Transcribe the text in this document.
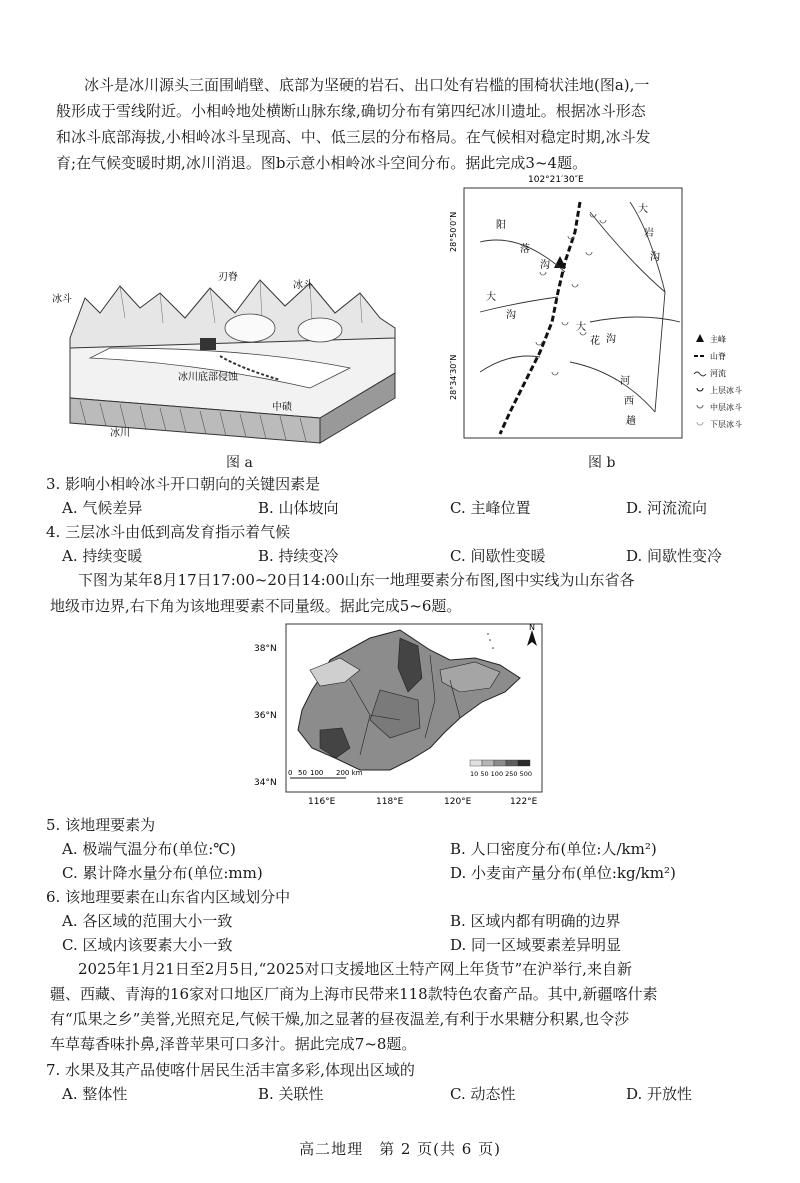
冰斗是冰川源头三面围峭壁、底部为坚硬的岩石、出口处有岩槛的围椅状洼地(图a),一
般形成于雪线附近。小相岭地处横断山脉东缘,确切分布有第四纪冰川遗址。根据冰斗形态
和冰斗底部海拔,小相岭冰斗呈现高、中、低三层的分布格局。在气候相对稳定时期,冰斗发
育;在气候变暖时期,冰川消退。图b示意小相岭冰斗空间分布。据此完成3~4题。
冰斗
刃脊
冰斗
冰川底部侵蚀
中碛
冰川
图 a
102°21′30″E
28°50′0″N
28°34′30″N
阳
落
沟
大
沟
大
岩
沟
大
花 沟
河
西
趟
主峰
山脊
河流
上层冰斗
中层冰斗
下层冰斗
图 b
3. 影响小相岭冰斗开口朝向的关键因素是
A. 气候差异	B. 山体坡向	C. 主峰位置	D. 河流流向
4. 三层冰斗由低到高发育指示着气候
A. 持续变暖	B. 持续变冷	C. 间歇性变暖	D. 间歇性变冷
下图为某年8月17日17:00~20日14:00山东一地理要素分布图,图中实线为山东省各
地级市边界,右下角为该地理要素不同量级。据此完成5~6题。
N
38°N
36°N
34°N
116°E	118°E	120°E	122°E
0 50 100 200 km	10 50 100 250 500
5. 该地理要素为
A. 极端气温分布(单位:℃)	B. 人口密度分布(单位:人/km²)
C. 累计降水量分布(单位:mm)	D. 小麦亩产量分布(单位:kg/km²)
6. 该地理要素在山东省内区域划分中
A. 各区域的范围大小一致	B. 区域内都有明确的边界
C. 区域内该要素大小一致	D. 同一区域要素差异明显
2025年1月21日至2月5日,“2025对口支援地区土特产网上年货节”在沪举行,来自新
疆、西藏、青海的16家对口地区厂商为上海市民带来118款特色农畜产品。其中,新疆喀什素
有“瓜果之乡”美誉,光照充足,气候干燥,加之显著的昼夜温差,有利于水果糖分积累,也令莎
车草莓香味扑鼻,泽普苹果可口多汁。据此完成7~8题。
7. 水果及其产品使喀什居民生活丰富多彩,体现出区域的
A. 整体性	B. 关联性	C. 动态性	D. 开放性
高二地理　第 2 页(共 6 页)
